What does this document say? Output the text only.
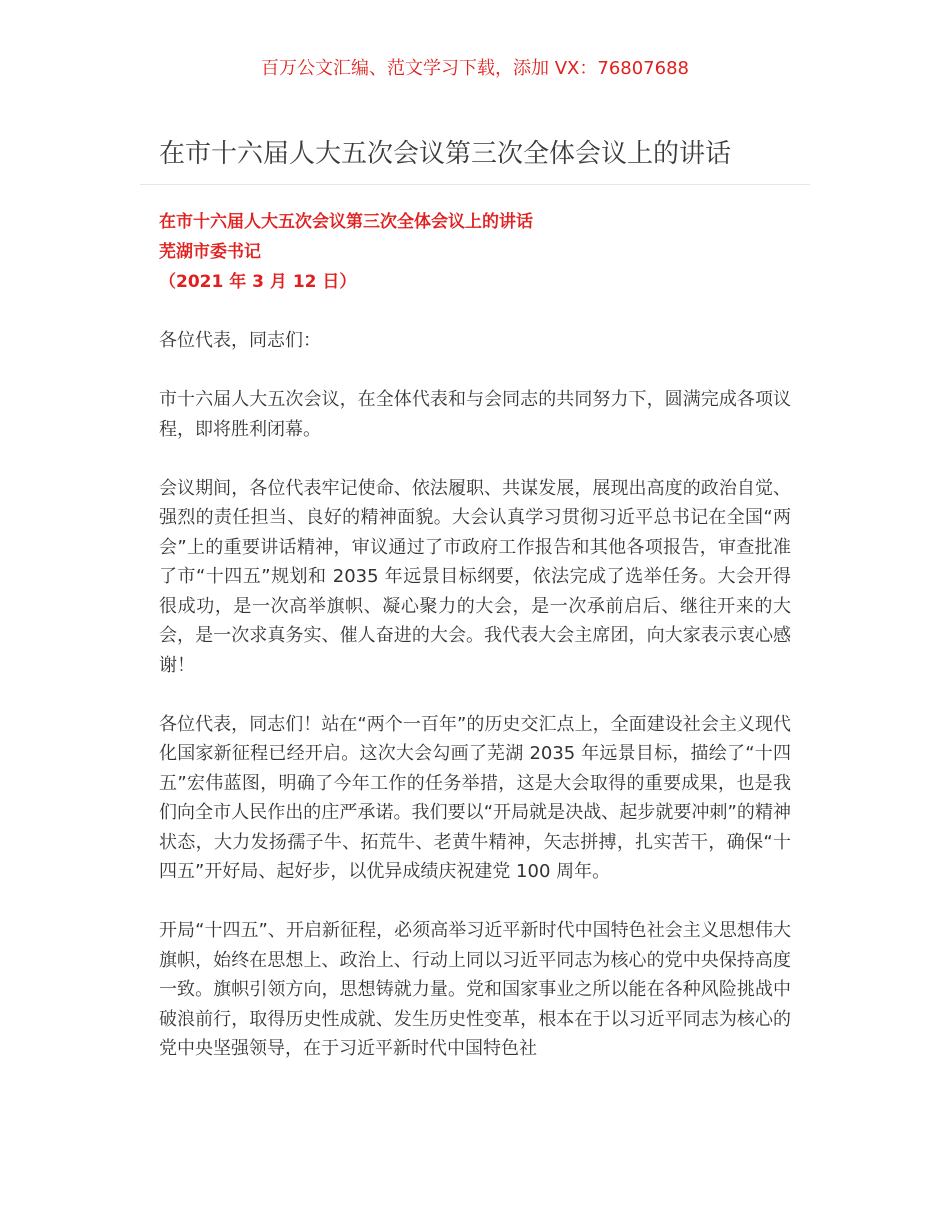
百万公文汇编、范文学习下载，添加 VX：76807688
在市十六届人大五次会议第三次全体会议上的讲话
在市十六届人大五次会议第三次全体会议上的讲话
芜湖市委书记
（2021 年 3 月 12 日）

各位代表，同志们：

市十六届人大五次会议，在全体代表和与会同志的共同努力下，圆满完成各项议程，即将胜利闭幕。

会议期间，各位代表牢记使命、依法履职、共谋发展，展现出高度的政治自觉、强烈的责任担当、良好的精神面貌。大会认真学习贯彻习近平总书记在全国“两会”上的重要讲话精神，审议通过了市政府工作报告和其他各项报告，审查批准了市“十四五”规划和 2035 年远景目标纲要，依法完成了选举任务。大会开得很成功，是一次高举旗帜、凝心聚力的大会，是一次承前启后、继往开来的大会，是一次求真务实、催人奋进的大会。我代表大会主席团，向大家表示衷心感谢！

各位代表，同志们！站在“两个一百年”的历史交汇点上，全面建设社会主义现代化国家新征程已经开启。这次大会勾画了芜湖 2035 年远景目标，描绘了“十四五”宏伟蓝图，明确了今年工作的任务举措，这是大会取得的重要成果，也是我们向全市人民作出的庄严承诺。我们要以“开局就是决战、起步就要冲刺”的精神状态，大力发扬孺子牛、拓荒牛、老黄牛精神，矢志拼搏，扎实苦干，确保“十四五”开好局、起好步，以优异成绩庆祝建党 100 周年。

开局“十四五”、开启新征程，必须高举习近平新时代中国特色社会主义思想伟大旗帜，始终在思想上、政治上、行动上同以习近平同志为核心的党中央保持高度一致。旗帜引领方向，思想铸就力量。党和国家事业之所以能在各种风险挑战中破浪前行，取得历史性成就、发生历史性变革，根本在于以习近平同志为核心的党中央坚强领导，在于习近平新时代中国特色社
